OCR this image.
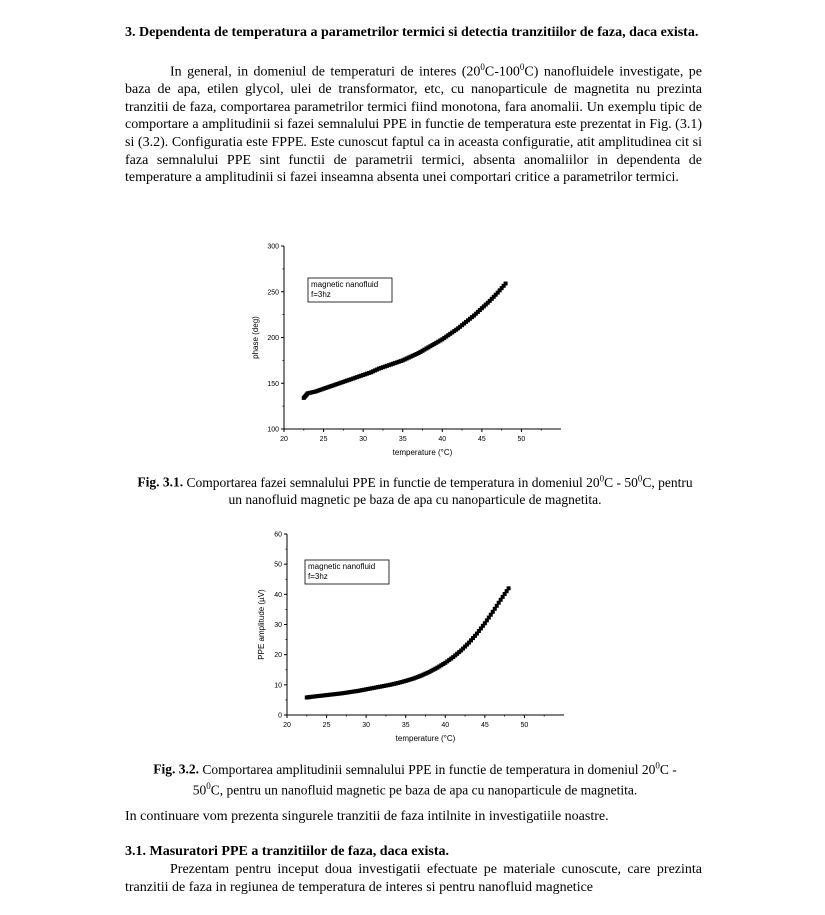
3. Dependenta de temperatura a parametrilor termici si detectia tranzitiilor de faza, daca exista.
In general, in domeniul de temperaturi de interes $(20^0C-100^0C)$ nanofluidele investigate, pe baza de apa, etilen glycol, ulei de transformator, etc, cu nanoparticule de magnetita nu prezinta tranzitii de faza, comportarea parametrilor termici fiind monotona, fara anomalii. Un exemplu tipic de comportare a amplitudinii si fazei semnalului PPE in functie de temperatura este prezentat in Fig. (3.1) si (3.2). Configuratia este FPPE. Este cunoscut faptul ca in aceasta configuratie, atit amplitudinea cit si faza semnalului PPE sint functii de parametrii termici, absenta anomaliilor in dependenta de temperature a amplitudinii si fazei inseamna absenta unei comportari critice a parametrilor termici.
20	25	30	35	40	45	50
100
150
200
250
300
temperature (°C)
phase (deg)
magnetic nanofluid
f=3hz
Fig. 3.1. Comportarea fazei semnalului PPE in functie de temperatura in domeniul $20^0C - 50^0C$, pentru
un nanofluid magnetic pe baza de apa cu nanoparticule de magnetita.
20	25	30	35	40	45	50
0
10
20
30
40
50
60
temperature (°C)
PPE amplitude (µV)
magnetic nanofluid
f=3hz
Fig. 3.2. Comportarea amplitudinii semnalului PPE in functie de temperatura in domeniul $20^0C$ -
$50^0C$, pentru un nanofluid magnetic pe baza de apa cu nanoparticule de magnetita.
In continuare vom prezenta singurele tranzitii de faza intilnite in investigatiile noastre.
3.1. Masuratori PPE a tranzitiilor de faza, daca exista.
Prezentam pentru inceput doua investigatii efectuate pe materiale cunoscute, care prezinta tranzitii de faza in regiunea de temperatura de interes si pentru nanofluid magnetice
